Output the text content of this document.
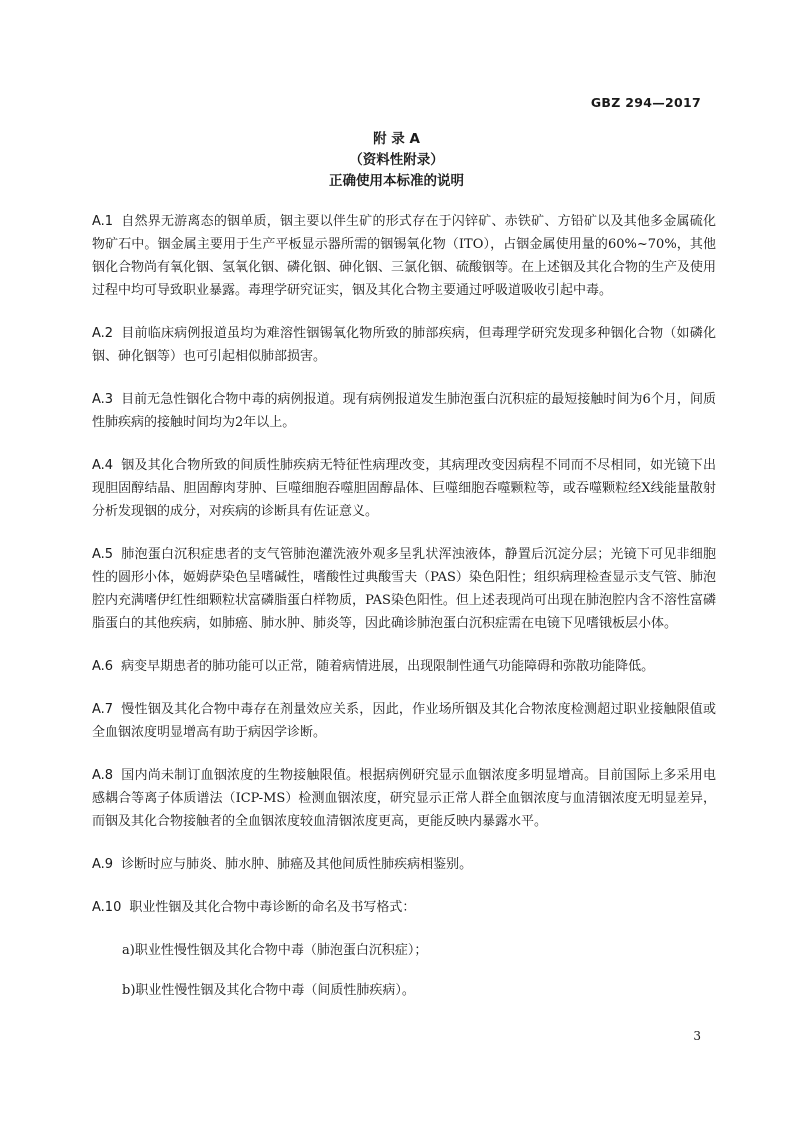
GBZ 294—2017
附 录 A
（资料性附录）
正确使用本标准的说明

A.1 自然界无游离态的铟单质，铟主要以伴生矿的形式存在于闪锌矿、赤铁矿、方铅矿以及其他多金属硫化物矿石中。铟金属主要用于生产平板显示器所需的铟锡氧化物（ITO），占铟金属使用量的60%~70%，其他铟化合物尚有氧化铟、氢氧化铟、磷化铟、砷化铟、三氯化铟、硫酸铟等。在上述铟及其化合物的生产及使用过程中均可导致职业暴露。毒理学研究证实，铟及其化合物主要通过呼吸道吸收引起中毒。

A.2 目前临床病例报道虽均为难溶性铟锡氧化物所致的肺部疾病，但毒理学研究发现多种铟化合物（如磷化铟、砷化铟等）也可引起相似肺部损害。

A.3 目前无急性铟化合物中毒的病例报道。现有病例报道发生肺泡蛋白沉积症的最短接触时间为6个月，间质性肺疾病的接触时间均为2年以上。

A.4 铟及其化合物所致的间质性肺疾病无特征性病理改变，其病理改变因病程不同而不尽相同，如光镜下出现胆固醇结晶、胆固醇肉芽肿、巨噬细胞吞噬胆固醇晶体、巨噬细胞吞噬颗粒等，或吞噬颗粒经X线能量散射分析发现铟的成分，对疾病的诊断具有佐证意义。

A.5 肺泡蛋白沉积症患者的支气管肺泡灌洗液外观多呈乳状浑浊液体，静置后沉淀分层；光镜下可见非细胞性的圆形小体，姬姆萨染色呈嗜碱性，嗜酸性过典酸雪夫（PAS）染色阳性；组织病理检查显示支气管、肺泡腔内充满嗜伊红性细颗粒状富磷脂蛋白样物质，PAS染色阳性。但上述表现尚可出现在肺泡腔内含不溶性富磷脂蛋白的其他疾病，如肺癌、肺水肿、肺炎等，因此确诊肺泡蛋白沉积症需在电镜下见嗜锇板层小体。

A.6 病变早期患者的肺功能可以正常，随着病情进展，出现限制性通气功能障碍和弥散功能降低。

A.7 慢性铟及其化合物中毒存在剂量效应关系，因此，作业场所铟及其化合物浓度检测超过职业接触限值或全血铟浓度明显增高有助于病因学诊断。

A.8 国内尚未制订血铟浓度的生物接触限值。根据病例研究显示血铟浓度多明显增高。目前国际上多采用电感耦合等离子体质谱法（ICP-MS）检测血铟浓度，研究显示正常人群全血铟浓度与血清铟浓度无明显差异，而铟及其化合物接触者的全血铟浓度较血清铟浓度更高，更能反映内暴露水平。

A.9 诊断时应与肺炎、肺水肿、肺癌及其他间质性肺疾病相鉴别。

A.10 职业性铟及其化合物中毒诊断的命名及书写格式：

a)职业性慢性铟及其化合物中毒（肺泡蛋白沉积症）；

b)职业性慢性铟及其化合物中毒（间质性肺疾病）。

3
